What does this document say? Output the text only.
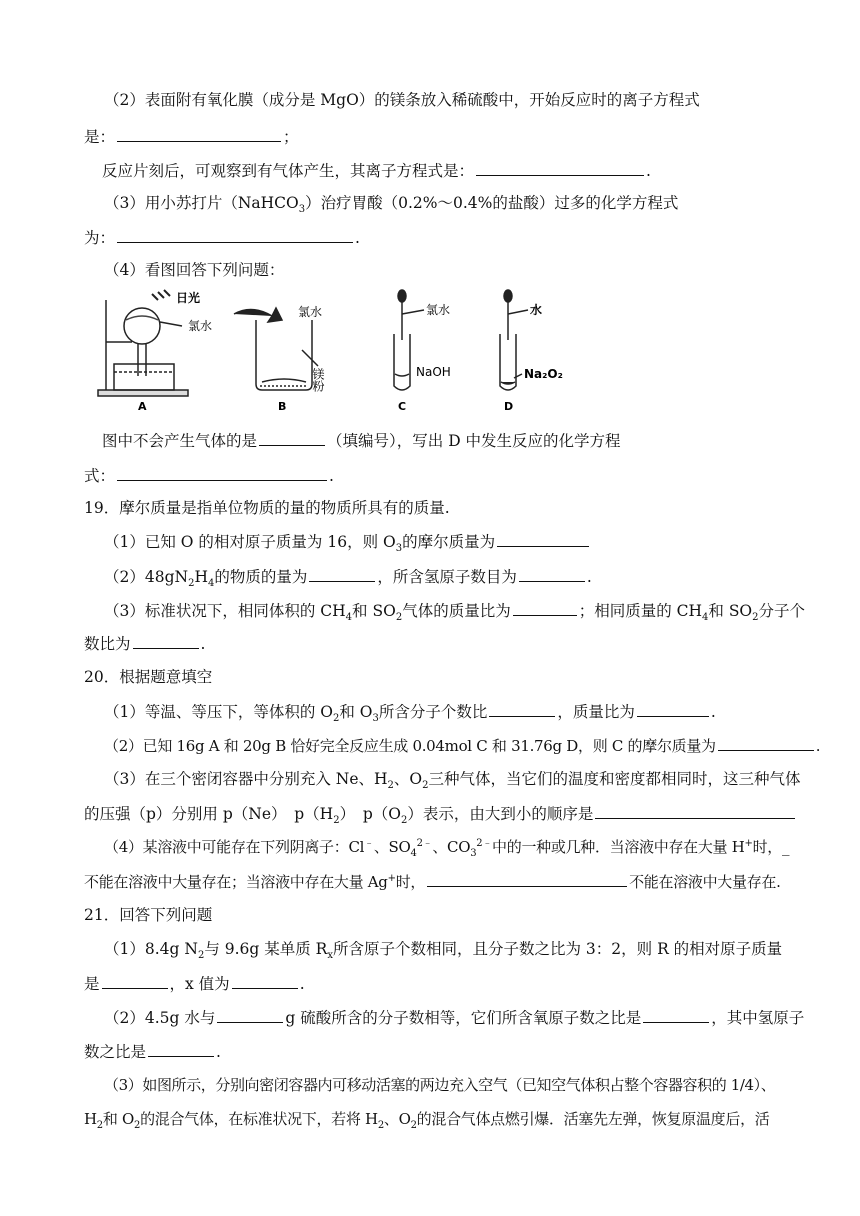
（2）表面附有氧化膜（成分是 MgO）的镁条放入稀硫酸中，开始反应时的离子方程式
是：	；
反应片刻后，可观察到有气体产生，其离子方程式是：	.
（3）用小苏打片（NaHCO$_3$）治疗胃酸（0.2%～0.4%的盐酸）过多的化学方程式
为：	.
（4）看图回答下列问题：
日光
氯水
A
氯水
镁粉
B
氯水
NaOH
C
水
Na₂O₂
D
图中不会产生气体的是	（填编号），写出 D 中发生反应的化学方程
式：	.
19．摩尔质量是指单位物质的量的物质所具有的质量.
（1）已知 O 的相对原子质量为 16，则 $O_3$的摩尔质量为
$(2)48gN_2H_4$的物质的量为	，所含氢原子数目为	.
（3）标准状况下，相同体积的 $CH_4$和 $SO_2$气体的质量比为	；相同质量的 $CH_4$和 $SO_2$分子个
数比为	.
20．根据题意填空
（1）等温、等压下，等体积的 $O_2$和 $O_3$所含分子个数比	，质量比为	.
（2）已知 16g A 和 20g B 恰好完全反应生成 0.04mol C 和 31.76g D，则 C 的摩尔质量为	.
（3）在三个密闭容器中分别充入 Ne、$H_2$、$O_2$三种气体，当它们的温度和密度都相同时，这三种气体
的压强（p）分别用 p（Ne）　$p(H_2)$　$p(O_2)$表示，由大到小的顺序是
（4）某溶液中可能存在下列阴离子：Cl﹣、$SO_4^{2﹣}$、$CO_3^{2﹣}$中的一种或几种．当溶液中存在大量 H+时，_
不能在溶液中大量存在；当溶液中存在大量 Ag+时，	不能在溶液中大量存在.
21．回答下列问题
（1）8.4g $N_2$与 9.6g 某单质 $R_x$所含原子个数相同，且分子数之比为 3：2，则 R 的相对原子质量
是	，x 值为	.
（2）4.5g 水与	g 硫酸所含的分子数相等，它们所含氧原子数之比是	，其中氢原子
数之比是	.
（3）如图所示，分别向密闭容器内可移动活塞的两边充入空气（已知空气体积占整个容器容积的 1/4）、
$H_2$和 $O_2$的混合气体，在标准状况下，若将 $H_2$、$O_2$的混合气体点燃引爆．活塞先左弹，恢复原温度后，活
